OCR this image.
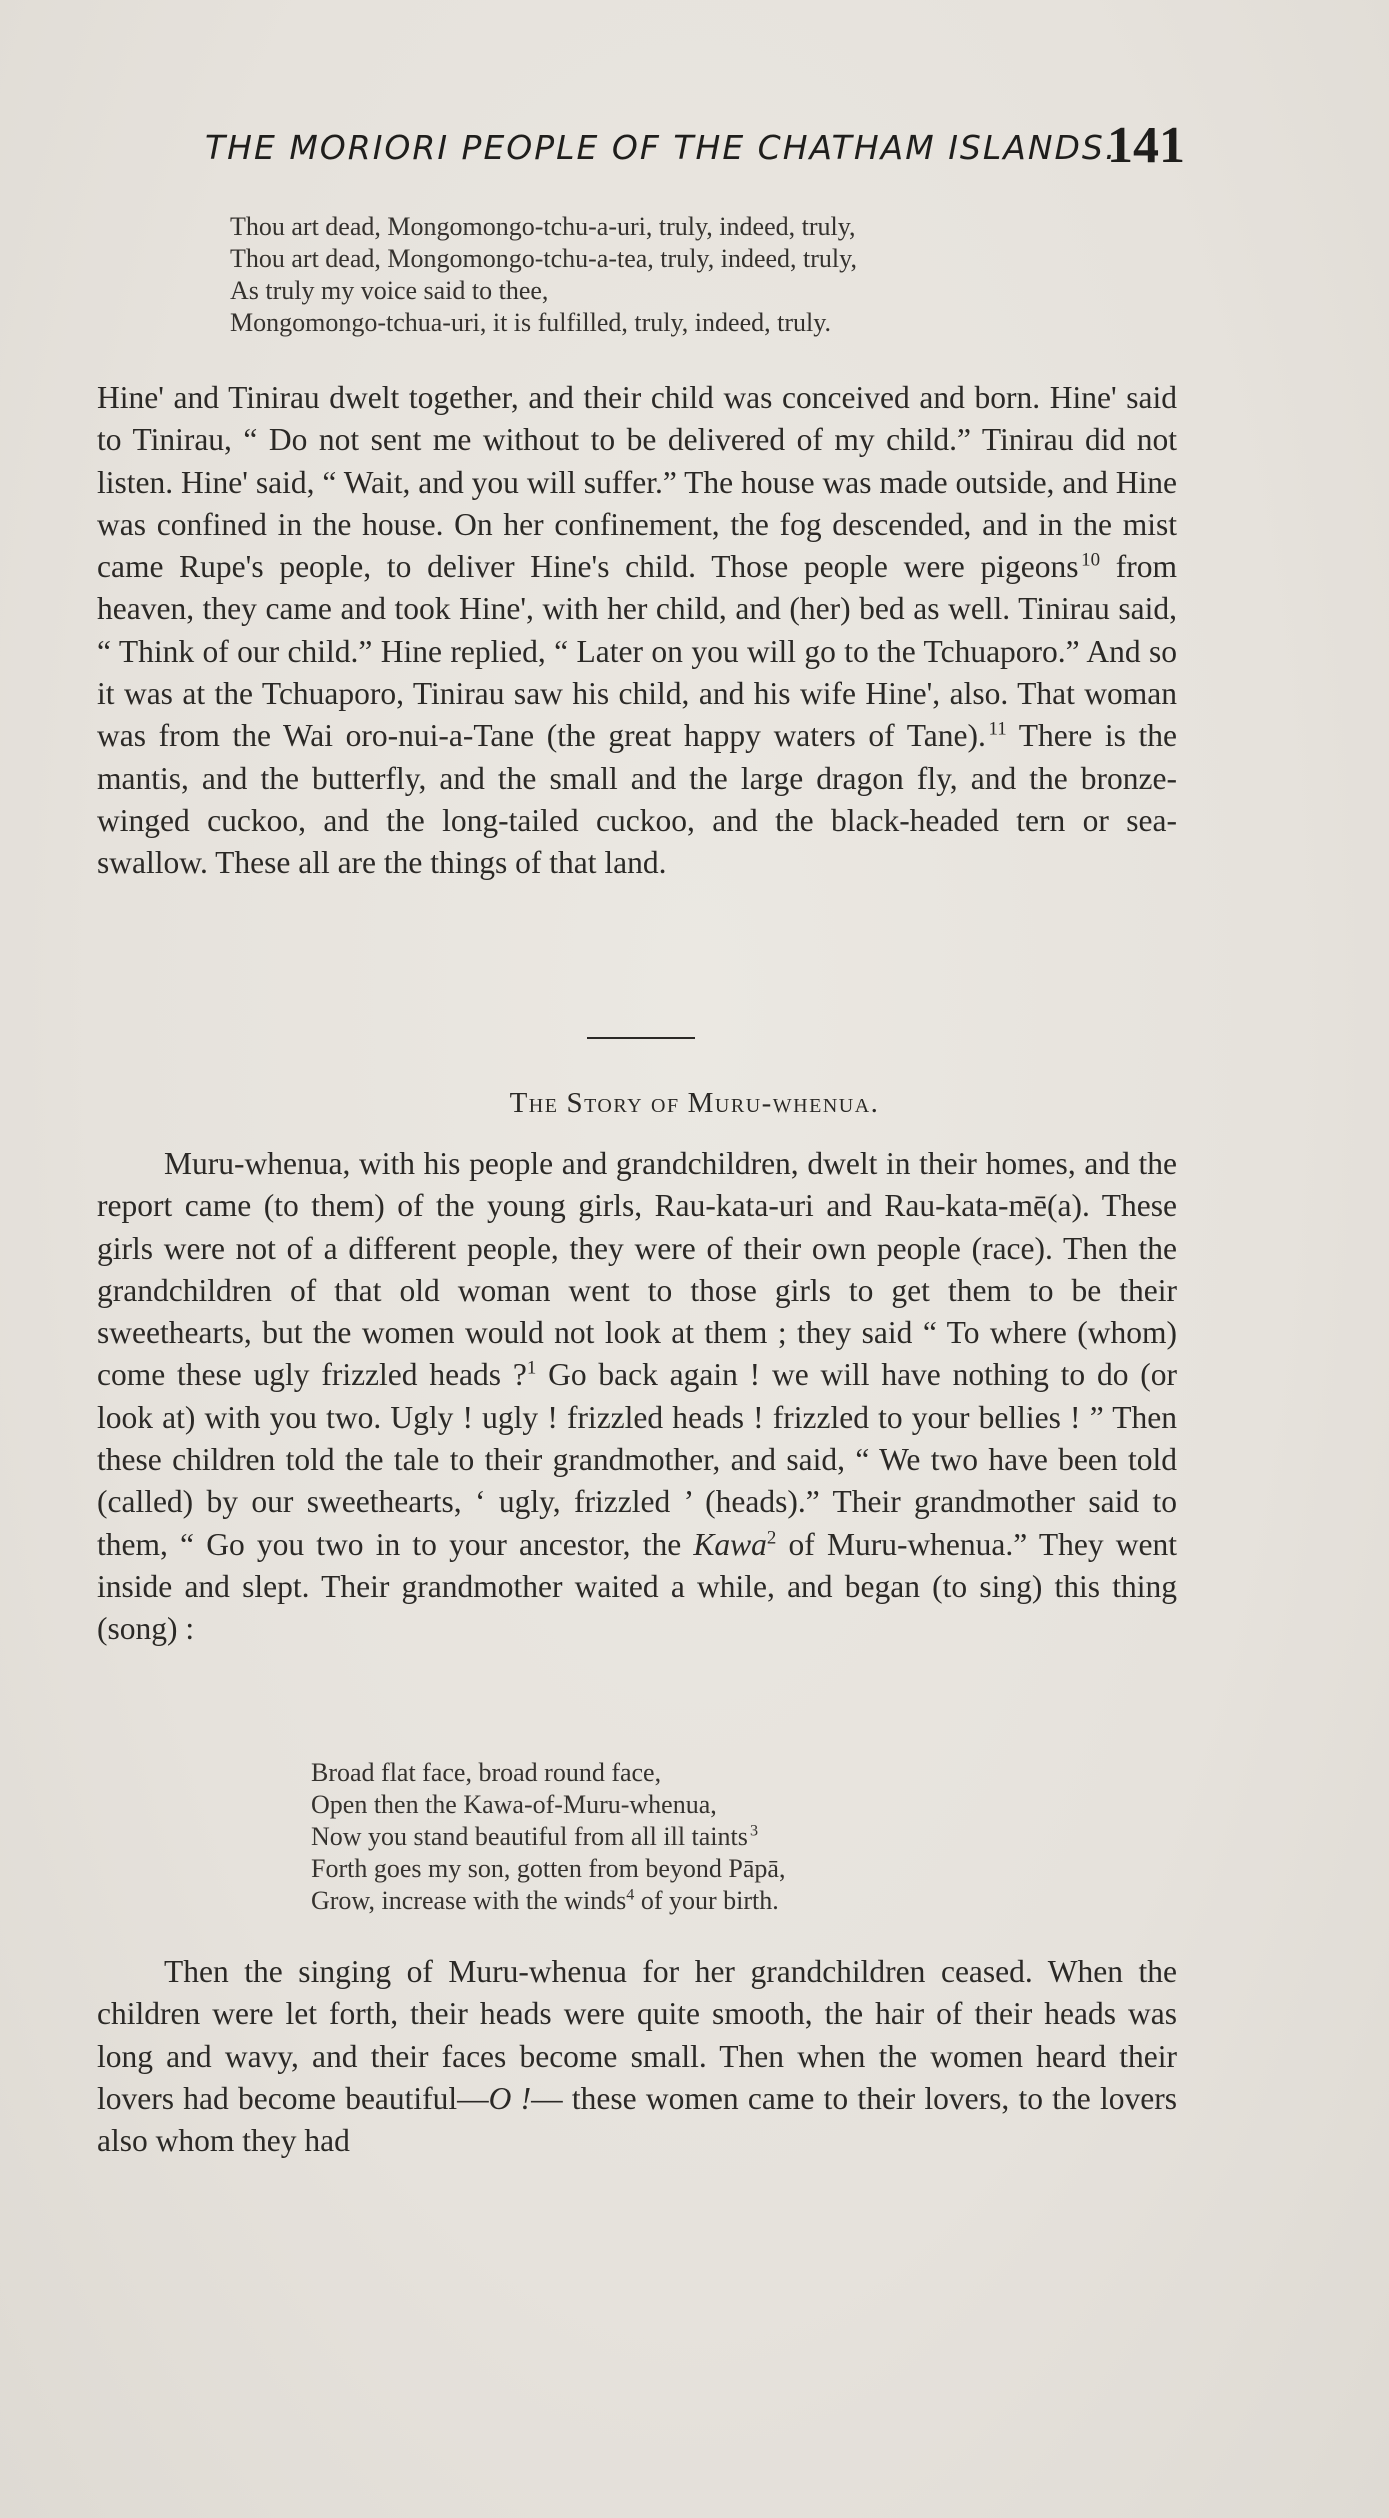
THE MORIORI PEOPLE OF THE CHATHAM ISLANDS.
141
Thou art dead, Mongomongo-tchu-a-uri, truly, indeed, truly,
Thou art dead, Mongomongo-tchu-a-tea, truly, indeed, truly,
As truly my voice said to thee,
Mongomongo-tchua-uri, it is fulfilled, truly, indeed, truly.

Hine' and Tinirau dwelt together, and their child was conceived and born. Hine' said to Tinirau, “ Do not sent me without to be delivered of my child.” Tinirau did not listen. Hine' said, “ Wait, and you will suffer.” The house was made outside, and Hine was confined in the house. On her confinement, the fog descended, and in the mist came Rupe's people, to deliver Hine's child. Those people were pigeons  $^{10}$ from heaven, they came and took Hine', with her child, and (her) bed as well. Tinirau said, “ Think of our child.” Hine replied, “ Later on you will go to the Tchuaporo.” And so it was at the Tchuaporo, Tinirau saw his child, and his wife Hine', also. That woman was from the Wai oro-nui-a-Tane (the great happy waters of Tane).  $^{11}$ There is the mantis, and the butterfly, and the small and the large dragon fly, and the bronze-winged cuckoo, and the long-tailed cuckoo, and the black-headed tern or sea-swallow. These all are the things of that land.

The Story of Muru-whenua.

Muru-whenua, with his people and grandchildren, dwelt in their homes, and the report came (to them) of the young girls, Rau-kata-uri and Rau-kata-mē(a). These girls were not of a different people, they were of their own people (race). Then the grandchildren of that old woman went to those girls to get them to be their sweethearts, but the women would not look at them ; they said “ To where (whom) come these ugly frizzled heads ?$^1$ Go back again ! we will have nothing to do (or look at) with you two. Ugly ! ugly ! frizzled heads ! frizzled to your bellies ! ” Then these children told the tale to their grandmother, and said, “ We two have been told (called) by our sweethearts, ‘ ugly, frizzled ’ (heads).” Their grandmother said to them, “ Go you two in to your ancestor, the Kawa$^2$ of Muru-whenua.” They went inside and slept. Their grandmother waited a while, and began (to sing) this thing (song) :

Broad flat face, broad round face,
Open then the Kawa-of-Muru-whenua,
Now you stand beautiful from all ill taints  $^3$
Forth goes my son, gotten from beyond Pāpā,
Grow, increase with the winds$^4$ of your birth.

Then the singing of Muru-whenua for her grandchildren ceased. When the children were let forth, their heads were quite smooth, the hair of their heads was long and wavy, and their faces become small. Then when the women heard their lovers had become beautiful—O !— these women came to their lovers, to the lovers also whom they had
